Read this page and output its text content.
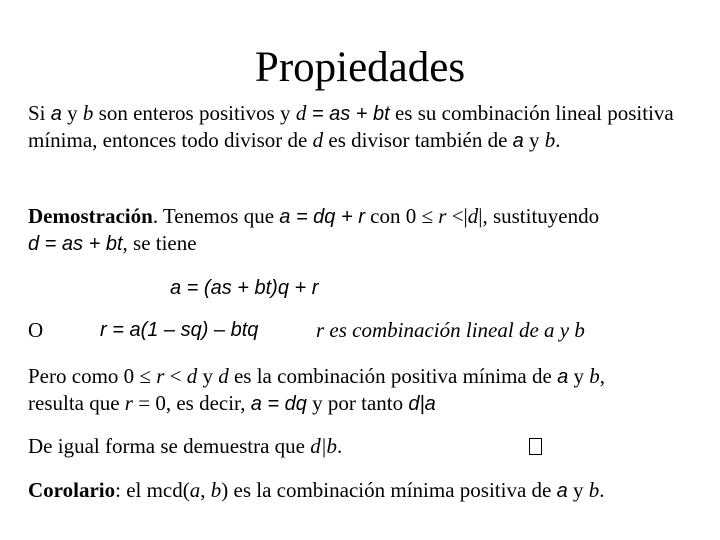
Propiedades

Si a y b son enteros positivos y d = as + bt es su combinación lineal positiva mínima, entonces todo divisor de d es divisor también de a y b.

Demostración. Tenemos que a = dq + r con 0 ≤ r <|d|, sustituyendo
d = as + bt, se tiene

a = (as + bt)q + r

O	r = a(1 – sq) – btq	r es combinación lineal de a y b

Pero como 0 ≤ r < d y d es la combinación positiva mínima de a y b,
resulta que r = 0, es decir, a = dq y por tanto d|a

De igual forma se demuestra que d|b.

Corolario: el mcd(a, b) es la combinación mínima positiva de a y b.
